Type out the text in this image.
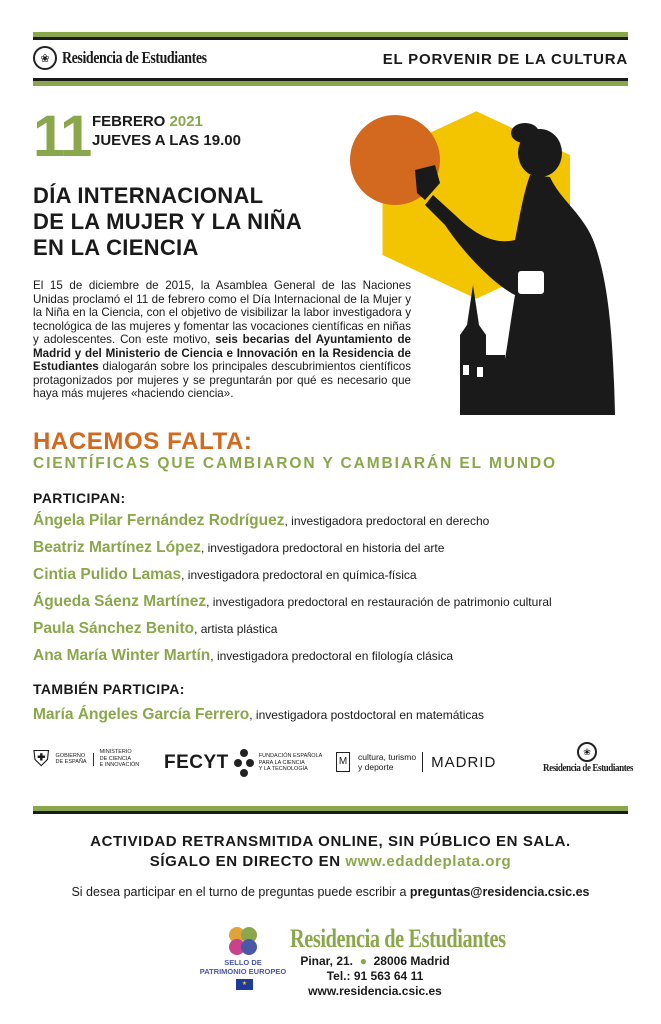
❀ Residencia de Estudiantes	EL PORVENIR DE LA CULTURA
11 FEBRERO 2021
JUEVES A LAS 19.00
DÍA INTERNACIONAL
DE LA MUJER Y LA NIÑA
EN LA CIENCIA
El 15 de diciembre de 2015, la Asamblea General de las Naciones Unidas proclamó el 11 de febrero como el Día Internacional de la Mujer y la Niña en la Ciencia, con el objetivo de visibilizar la labor investigadora y tecnológica de las mujeres y fomentar las vocaciones científicas en niñas y adolescentes. Con este motivo, seis becarias del Ayuntamiento de Madrid y del Ministerio de Ciencia e Innovación en la Residencia de Estudiantes dialogarán sobre los principales descubrimientos científicos protagonizados por mujeres y se preguntarán por qué es necesario que haya más mujeres «haciendo ciencia».
HACEMOS FALTA:
CIENTÍFICAS QUE CAMBIARON Y CAMBIARÁN EL MUNDO
PARTICIPAN:
Ángela Pilar Fernández Rodríguez, investigadora predoctoral en derecho
Beatriz Martínez López, investigadora predoctoral en historia del arte
Cintia Pulido Lamas, investigadora predoctoral en química-física
Águeda Sáenz Martínez, investigadora predoctoral en restauración de patrimonio cultural
Paula Sánchez Benito, artista plástica
Ana María Winter Martín, investigadora predoctoral en filología clásica
TAMBIÉN PARTICIPA:
María Ángeles García Ferrero, investigadora postdoctoral en matemáticas
⛨ GOBIERNO
DE ESPAÑA
MINISTERIO
DE CIENCIA
E INNOVACIÓN FECYT	FUNDACIÓN ESPAÑOLA
PARA LA CIENCIA
Y LA TECNOLOGÍA
M	cultura, turismo
y deporte	MADRID
❀
Residencia de Estudiantes
ACTIVIDAD RETRANSMITIDA ONLINE, SIN PÚBLICO EN SALA.
SÍGALO EN DIRECTO EN www.edaddeplata.org
Si desea participar en el turno de preguntas puede escribir a preguntas@residencia.csic.es
SELLO DE
PATRIMONIO EUROPEO
★
Residencia de Estudiantes
Pinar, 21.  ●  28006 Madrid
Tel.: 91 563 64 11
www.residencia.csic.es
